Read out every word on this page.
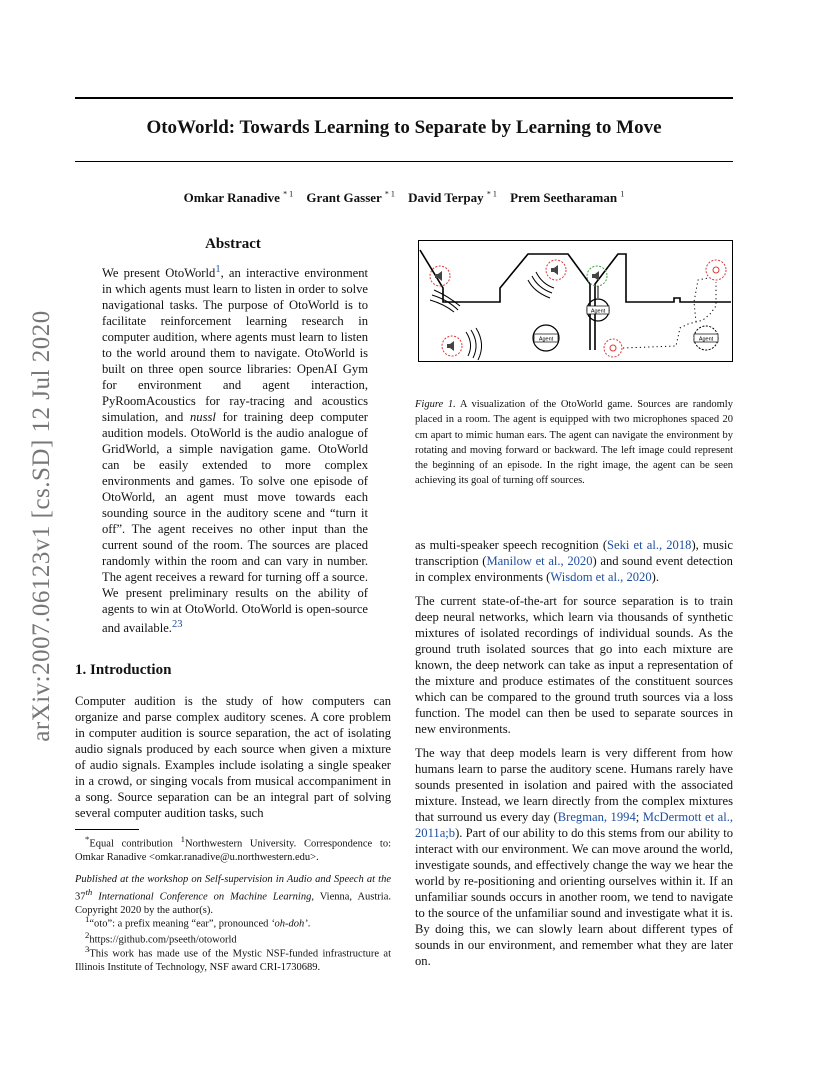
OtoWorld: Towards Learning to Separate by Learning to Move
Omkar Ranadive $^{* 1}$ Grant Gasser $^{* 1}$ David Terpay $^{* 1}$ Prem Seetharaman $^1$
arXiv:2007.06123v1 [cs.SD] 12 Jul 2020
Abstract
We present OtoWorld$^1$, an interactive environment in which agents must learn to listen in order to solve navigational tasks. The purpose of OtoWorld is to facilitate reinforcement learning research in computer audition, where agents must learn to listen to the world around them to navigate. OtoWorld is built on three open source libraries: OpenAI Gym for environment and agent interaction, PyRoomAcoustics for ray-tracing and acoustics simulation, and nussl for training deep computer audition models. OtoWorld is the audio analogue of GridWorld, a simple navigation game. OtoWorld can be easily extended to more complex environments and games. To solve one episode of OtoWorld, an agent must move towards each sounding source in the auditory scene and “turn it off”. The agent receives no other input than the current sound of the room. The sources are placed randomly within the room and can vary in number. The agent receives a reward for turning off a source. We present preliminary results on the ability of agents to win at OtoWorld. OtoWorld is open-source and available.$^{23}$
1. Introduction
Computer audition is the study of how computers can organize and parse complex auditory scenes. A core problem in computer audition is source separation, the act of isolating audio signals produced by each source when given a mixture of audio signals. Examples include isolating a single speaker in a crowd, or singing vocals from musical accompaniment in a song. Source separation can be an integral part of solving several computer audition tasks, such
*Equal contribution $^1$Northwestern University. Correspondence to: Omkar Ranadive <omkar.ranadive@u.northwestern.edu>.
Published at the workshop on Self-supervision in Audio and Speech at the 37th International Conference on Machine Learning, Vienna, Austria. Copyright 2020 by the author(s).
$^1$“oto”: a prefix meaning “ear”, pronounced ‘oh-doh’.
$^2$https://github.com/pseeth/otoworld
$^3$This work has made use of the Mystic NSF-funded infrastructure at Illinois Institute of Technology, NSF award CRI-1730689.
Agent
Agent
Agent
Figure 1. A visualization of the OtoWorld game. Sources are randomly placed in a room. The agent is equipped with two microphones spaced 20 cm apart to mimic human ears. The agent can navigate the environment by rotating and moving forward or backward. The left image could represent the beginning of an episode. In the right image, the agent can be seen achieving its goal of turning off sources.
as multi-speaker speech recognition (Seki et al., 2018), music transcription (Manilow et al., 2020) and sound event detection in complex environments (Wisdom et al., 2020).
The current state-of-the-art for source separation is to train deep neural networks, which learn via thousands of synthetic mixtures of isolated recordings of individual sounds. As the ground truth isolated sources that go into each mixture are known, the deep network can take as input a representation of the mixture and produce estimates of the constituent sources which can be compared to the ground truth sources via a loss function. The model can then be used to separate sources in new environments.
The way that deep models learn is very different from how humans learn to parse the auditory scene. Humans rarely have sounds presented in isolation and paired with the associated mixture. Instead, we learn directly from the complex mixtures that surround us every day (Bregman, 1994; McDermott et al., 2011a;b). Part of our ability to do this stems from our ability to interact with our environment. We can move around the world, investigate sounds, and effectively change the way we hear the world by re-positioning and orienting ourselves within it. If an unfamiliar sounds occurs in another room, we tend to navigate to the source of the unfamiliar sound and investigate what it is. By doing this, we can slowly learn about different types of sounds in our environment, and remember what they are later on.
